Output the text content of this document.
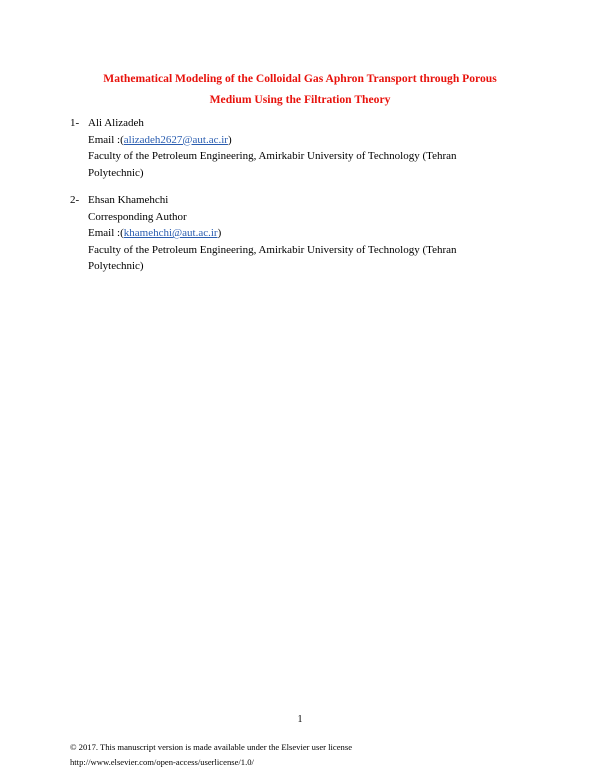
Mathematical Modeling of the Colloidal Gas Aphron Transport through Porous
Medium Using the Filtration Theory
1- Ali Alizadeh
Email :(alizadeh2627@aut.ac.ir)
Faculty of the Petroleum Engineering, Amirkabir University of Technology (Tehran
Polytechnic)
2- Ehsan Khamehchi
Corresponding Author
Email :(khamehchi@aut.ac.ir)
Faculty of the Petroleum Engineering, Amirkabir University of Technology (Tehran
Polytechnic)
1
© 2017. This manuscript version is made available under the Elsevier user license
http://www.elsevier.com/open-access/userlicense/1.0/
